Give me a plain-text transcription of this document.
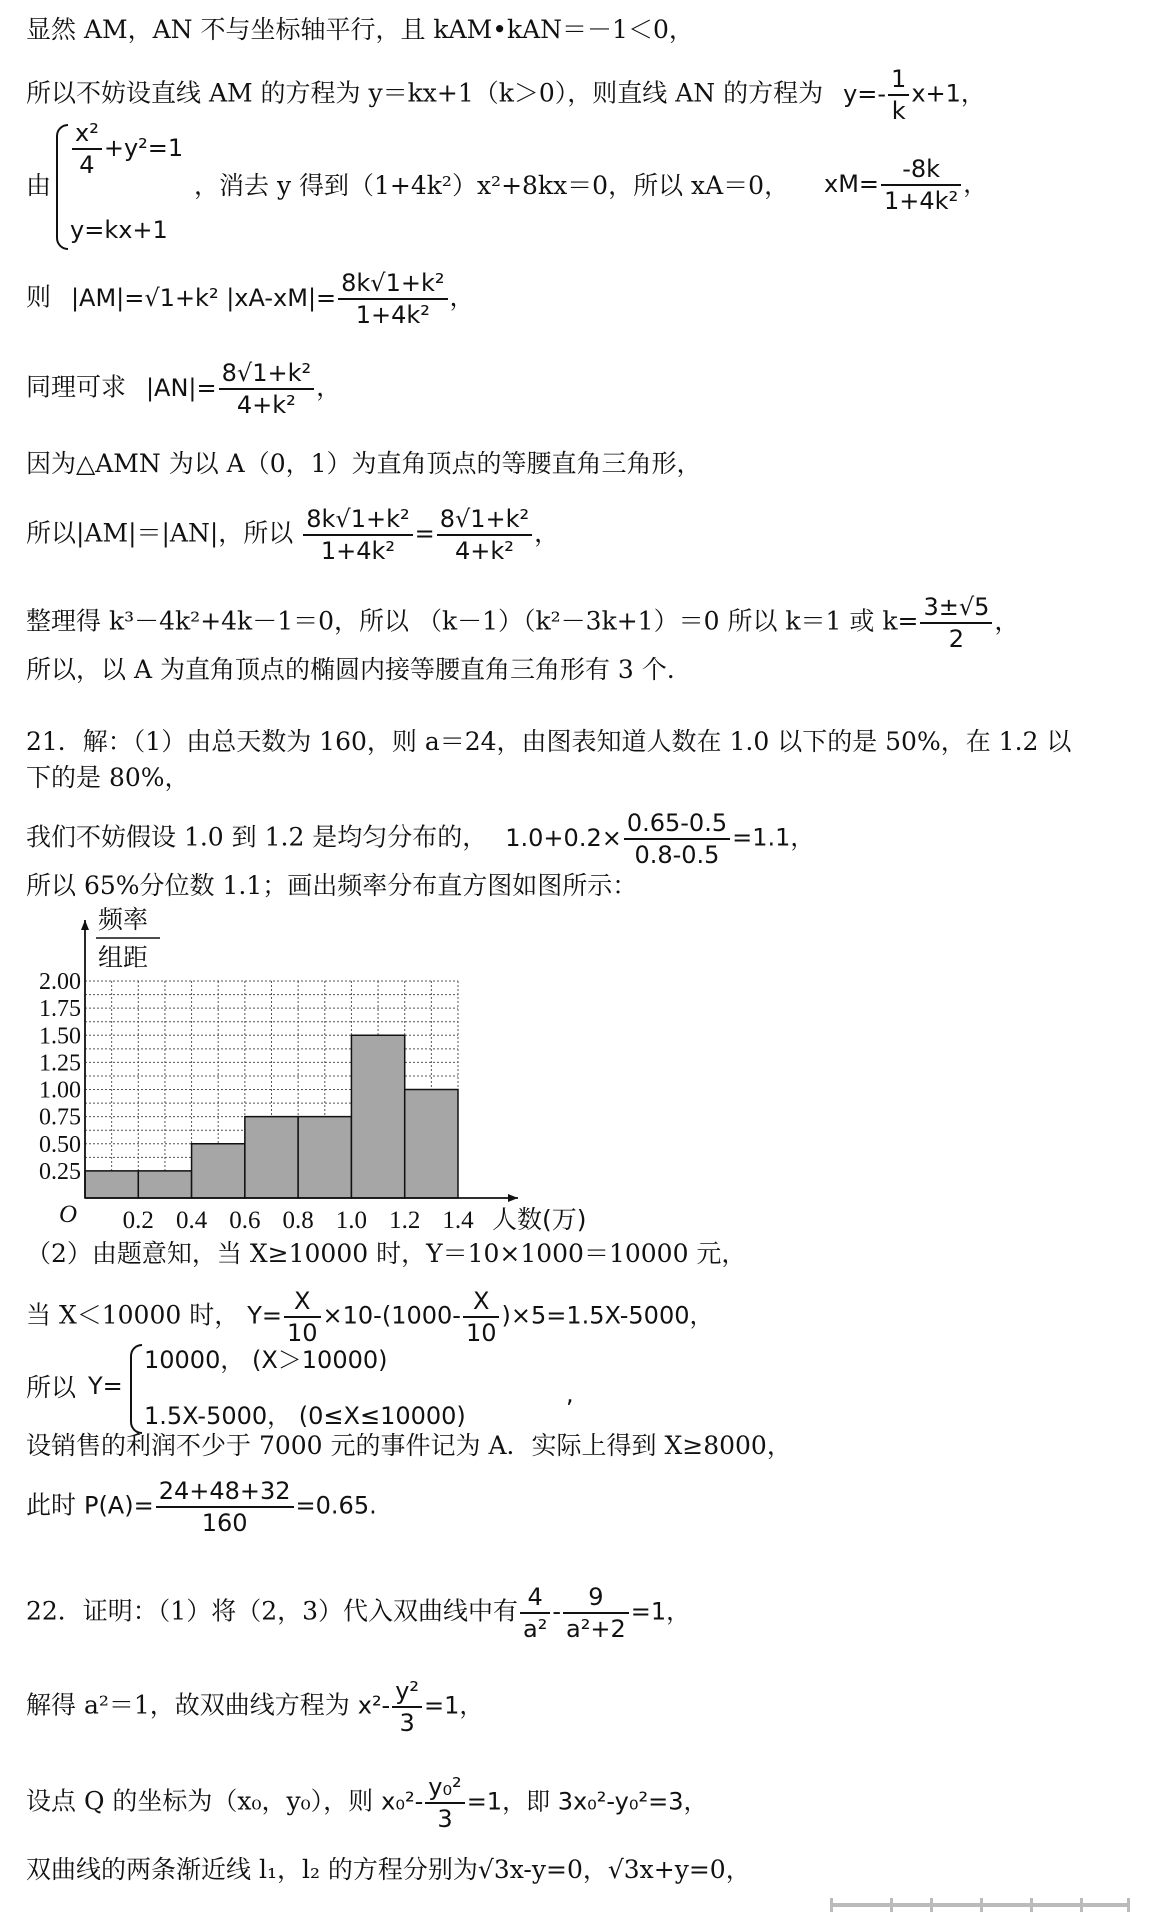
显然 AM，AN 不与坐标轴平行，且 kAM•kAN＝－1＜0，
所以不妨设直线 AM 的方程为 y＝kx+1（k＞0），则直线 AN 的方程为 $y=- \frac{1}{k} x+1$，
由
$\frac{\text{x²}}{4} +y^2=1$
y=kx+1
，消去 y 得到（1+4k²）x²+8kx＝0，所以 xA＝0， $xM= \frac{-8k}{\text{1+4k²}}$ ，
则 |AM|=√1+k² $|xA-xM|= \frac{\text{8k√1+k²}}{\text{1+4k²}}$ ，
同理可求 $|AN|= \frac{\text{8√1+k²}}{\text{4+k²}}$ ，
因为△AMN 为以 A（0，1）为直角顶点的等腰直角三角形，
所以|AM|＝|AN|，所以 $\frac{\text{8k√1+k²}}{\text{1+4k²}} = \frac{\text{8√1+k²}}{\text{4+k²}}$ ，
整理得 k³－4k²+4k－1＝0，所以 （k－1）（k²－3k+1）＝0 所以 k＝1 或 $k= \frac{3\pm√5}{2}$ ，
所以，以 A 为直角顶点的椭圆内接等腰直角三角形有 3 个.
21．解：（1）由总天数为 160，则 a＝24，由图表知道人数在 1.0 以下的是 50%，在 1.2 以
下的是 80%，
我们不妨假设 1.0 到 1.2 是均匀分布的， $1.0+0.2\times \frac{0.65-0.5}{0.8-0.5} =1.1$，
所以 65%分位数 1.1；画出频率分布直方图如图所示：
0.25
0.50
0.75
1.00
1.25
1.50
1.75
2.00
0.2 0.4 0.6 0.8 1.0 1.2 1.4
O
频率
组距
人数(万)
（2）由题意知，当 X≥10000 时，Y＝10×1000＝10000 元，
当 X＜10000 时， $Y= \frac{X}{10} \times 10-(1000- \frac{X}{10} )\times 5=1.5X-5000$，
所以 Y=
10000， (X＞10000)
1.5X-5000， (0≤X≤10000)
,
设销售的利润不少于 7000 元的事件记为 A．实际上得到 X≥8000，
此时 $P(A)= \frac{24+48+32}{160} =0.65$.
22．证明：（1）将（2，3）代入双曲线中有 $\frac{4}{\text{a²}} - \frac{9}{\text{a²+2}} =1$，
解得 a²＝1，故双曲线方程为 $x^2- \frac{\text{y²}}{3} =1$，
设点 Q 的坐标为（x₀，y₀），则 $x_0^2- \frac{\text{y₀²}}{3} =1$，即 3x₀²-y₀²=3，
双曲线的两条渐近线 l₁，l₂ 的方程分别为√3x-y=0，√3x+y=0，
